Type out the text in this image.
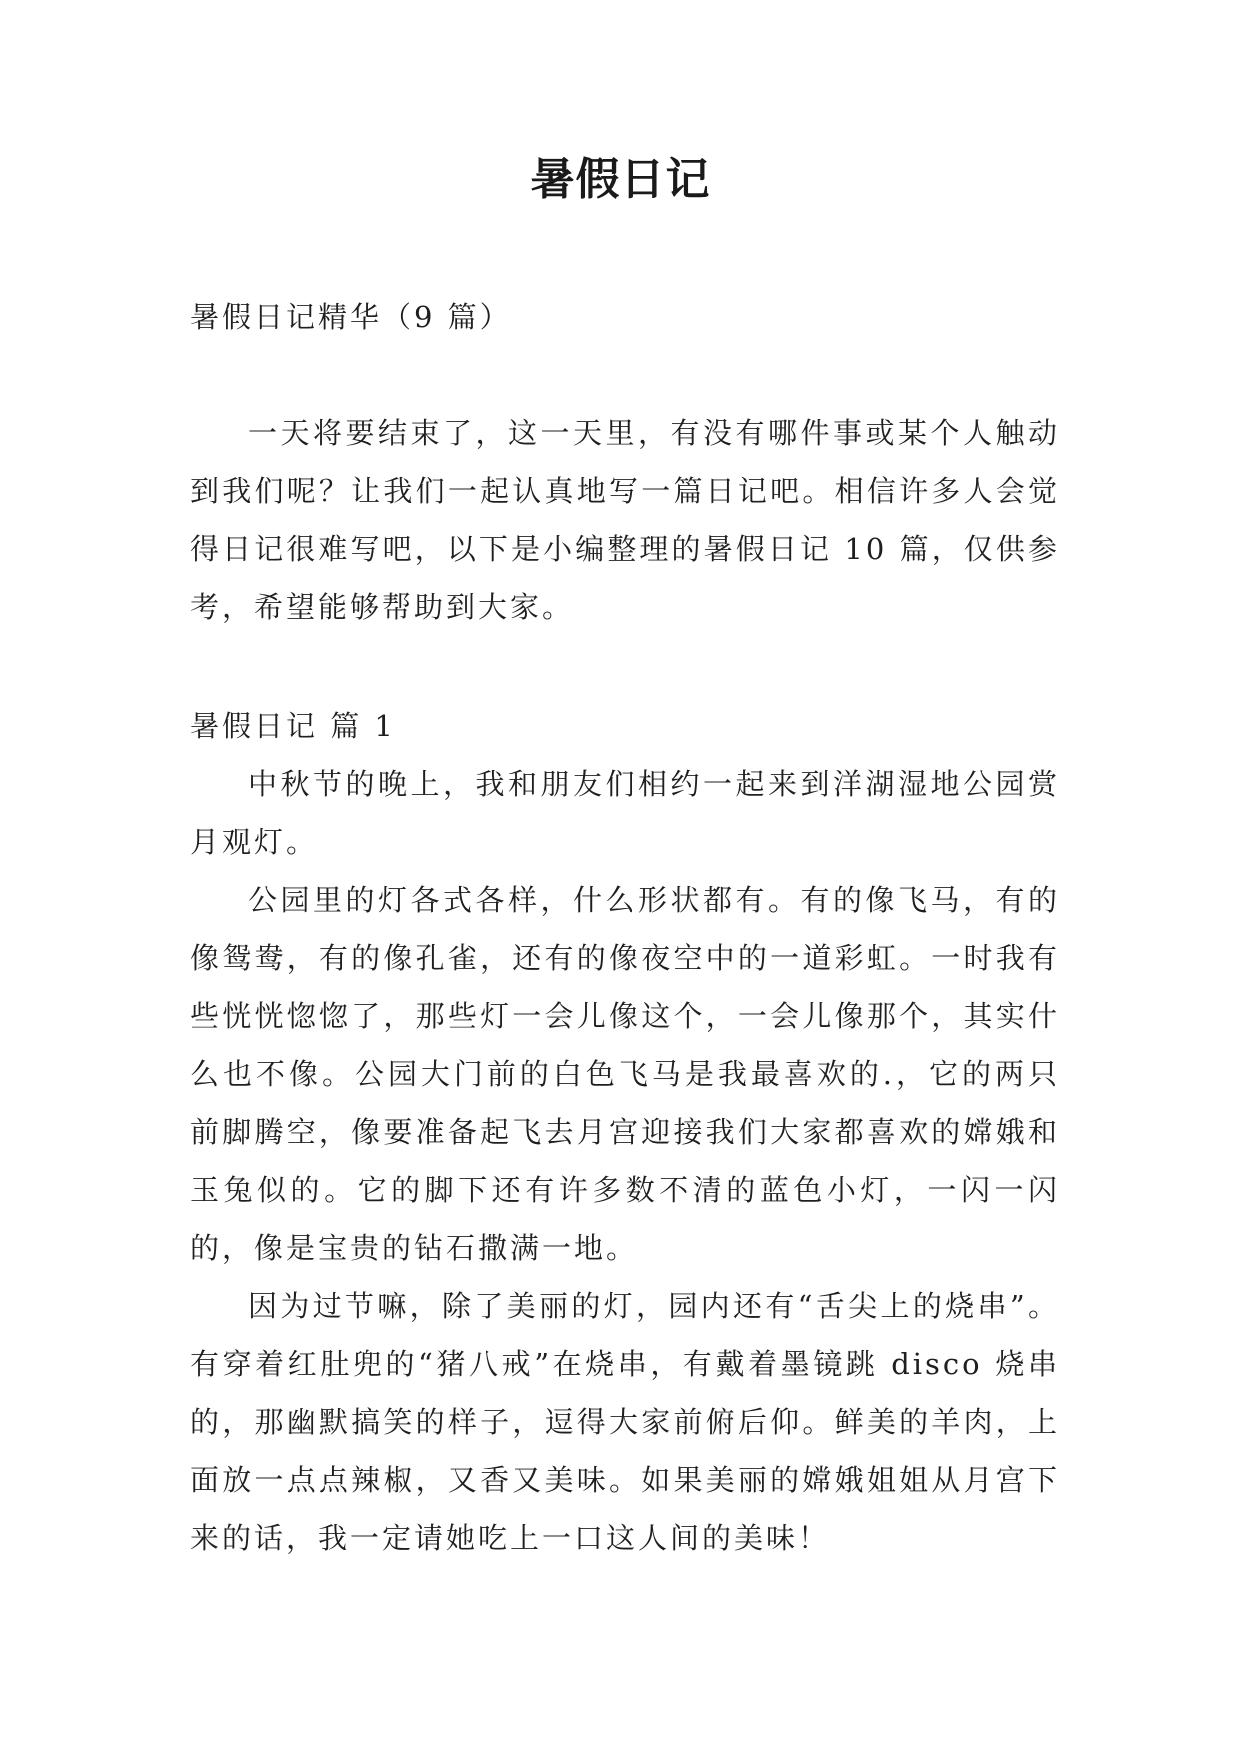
暑假日记

暑假日记精华（9 篇）

一天将要结束了，这一天里，有没有哪件事或某个人触动到我们呢？让我们一起认真地写一篇日记吧。相信许多人会觉得日记很难写吧，以下是小编整理的暑假日记 10 篇，仅供参考，希望能够帮助到大家。

暑假日记 篇 1

中秋节的晚上，我和朋友们相约一起来到洋湖湿地公园赏月观灯。

公园里的灯各式各样，什么形状都有。有的像飞马，有的像鸳鸯，有的像孔雀，还有的像夜空中的一道彩虹。一时我有些恍恍惚惚了，那些灯一会儿像这个，一会儿像那个，其实什么也不像。公园大门前的白色飞马是我最喜欢的.，它的两只前脚腾空，像要准备起飞去月宫迎接我们大家都喜欢的嫦娥和玉兔似的。它的脚下还有许多数不清的蓝色小灯，一闪一闪的，像是宝贵的钻石撒满一地。

因为过节嘛，除了美丽的灯，园内还有“舌尖上的烧串”。有穿着红肚兜的“猪八戒”在烧串，有戴着墨镜跳 disco 烧串的，那幽默搞笑的样子，逗得大家前俯后仰。鲜美的羊肉，上面放一点点辣椒，又香又美味。如果美丽的嫦娥姐姐从月宫下来的话，我一定请她吃上一口这人间的美味！
